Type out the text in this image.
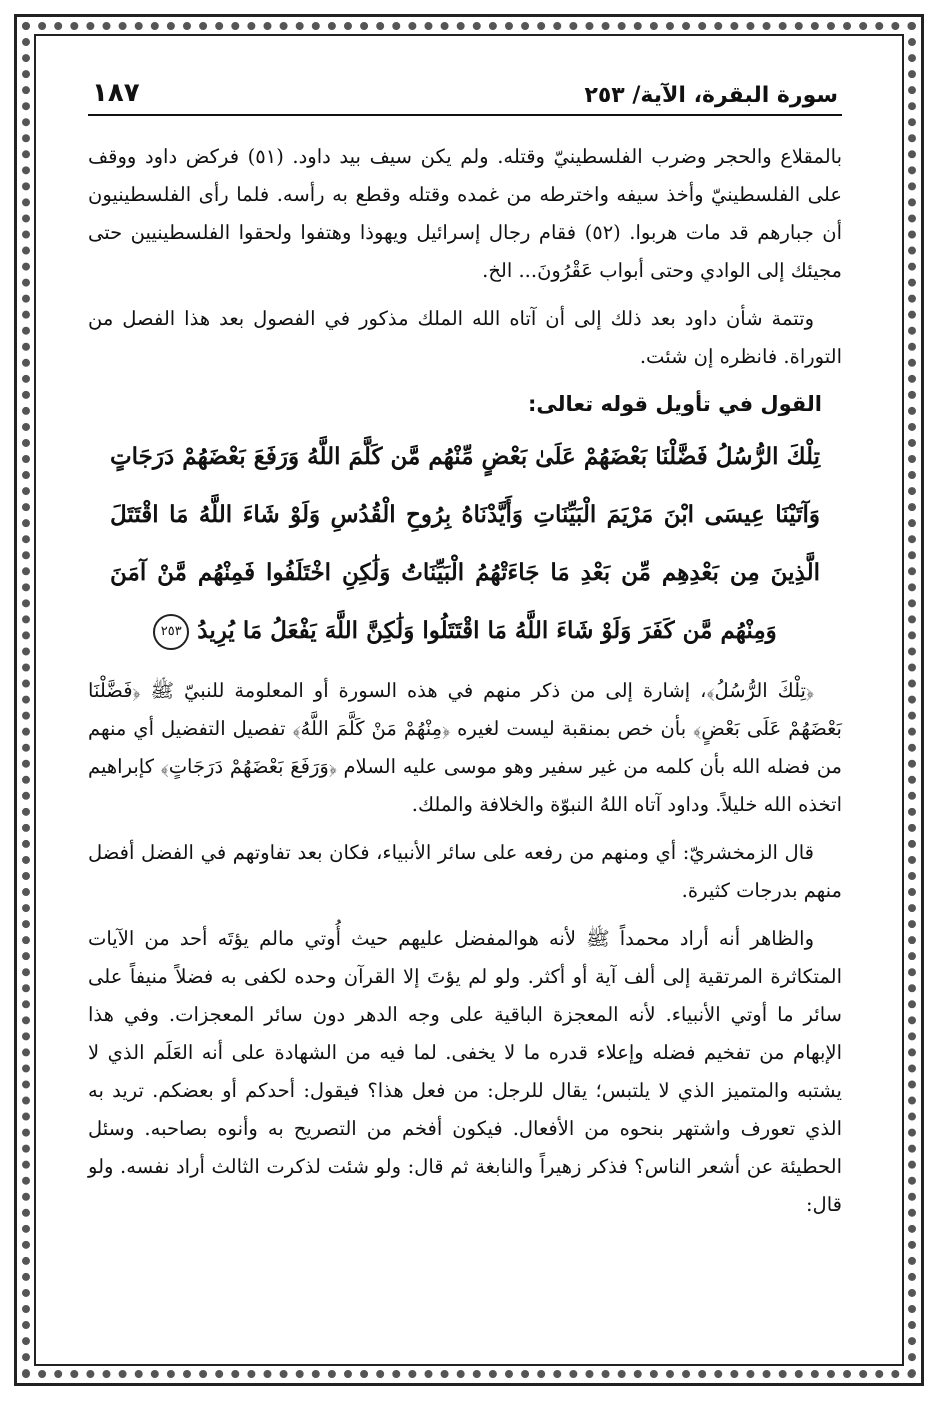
سورة البقرة، الآية/ ٢٥٣
١٨٧

بالمقلاع والحجر وضرب الفلسطينيّ وقتله. ولم يكن سيف بيد داود. (٥١) فركض داود ووقف على الفلسطينيّ وأخذ سيفه واخترطه من غمده وقتله وقطع به رأسه. فلما رأى الفلسطينيون أن جبارهم قد مات هربوا. (٥٢) فقام رجال إسرائيل ويهوذا وهتفوا ولحقوا الفلسطينيين حتى مجيئك إلى الوادي وحتى أبواب عَقْرُونَ... الخ.

وتتمة شأن داود بعد ذلك إلى أن آتاه الله الملك مذكور في الفصول بعد هذا الفصل من التوراة. فانظره إن شئت.

القول في تأويل قوله تعالى:
تِلْكَ الرُّسُلُ فَضَّلْنَا بَعْضَهُمْ عَلَىٰ بَعْضٍ مِّنْهُم مَّن كَلَّمَ اللَّهُ وَرَفَعَ بَعْضَهُمْ دَرَجَاتٍ وَآتَيْنَا عِيسَى ابْنَ مَرْيَمَ الْبَيِّنَاتِ وَأَيَّدْنَاهُ بِرُوحِ الْقُدُسِ وَلَوْ شَاءَ اللَّهُ مَا اقْتَتَلَ الَّذِينَ مِن بَعْدِهِم مِّن بَعْدِ مَا جَاءَتْهُمُ الْبَيِّنَاتُ وَلَٰكِنِ اخْتَلَفُوا فَمِنْهُم مَّنْ آمَنَ وَمِنْهُم مَّن كَفَرَ وَلَوْ شَاءَ اللَّهُ مَا اقْتَتَلُوا وَلَٰكِنَّ اللَّهَ يَفْعَلُ مَا يُرِيدُ ٢٥٣

﴿تِلْكَ الرُّسُلُ﴾، إشارة إلى من ذكر منهم في هذه السورة أو المعلومة للنبيّ ﷺ ﴿فَضَّلْنَا بَعْضَهُمْ عَلَى بَعْضٍ﴾ بأن خص بمنقبة ليست لغيره ﴿مِنْهُمْ مَنْ كَلَّمَ اللَّهُ﴾ تفصيل التفضيل أي منهم من فضله الله بأن كلمه من غير سفير وهو موسى عليه السلام ﴿وَرَفَعَ بَعْضَهُمْ دَرَجَاتٍ﴾ كإبراهيم اتخذه الله خليلاً. وداود آتاه اللهُ النبوّة والخلافة والملك.

قال الزمخشريّ: أي ومنهم من رفعه على سائر الأنبياء، فكان بعد تفاوتهم في الفضل أفضل منهم بدرجات كثيرة.

والظاهر أنه أراد محمداً ﷺ لأنه هوالمفضل عليهم حيث أُوتي مالم يؤتَه أحد من الآيات المتكاثرة المرتقية إلى ألف آية أو أكثر. ولو لم يؤتَ إلا القرآن وحده لكفى به فضلاً منيفاً على سائر ما أوتي الأنبياء. لأنه المعجزة الباقية على وجه الدهر دون سائر المعجزات. وفي هذا الإبهام من تفخيم فضله وإعلاء قدره ما لا يخفى. لما فيه من الشهادة على أنه العَلَم الذي لا يشتبه والمتميز الذي لا يلتبس؛ يقال للرجل: من فعل هذا؟ فيقول: أحدكم أو بعضكم. تريد به الذي تعورف واشتهر بنحوه من الأفعال. فيكون أفخم من التصريح به وأنوه بصاحبه. وسئل الحطيئة عن أشعر الناس؟ فذكر زهيراً والنابغة ثم قال: ولو شئت لذكرت الثالث أراد نفسه. ولو قال:
